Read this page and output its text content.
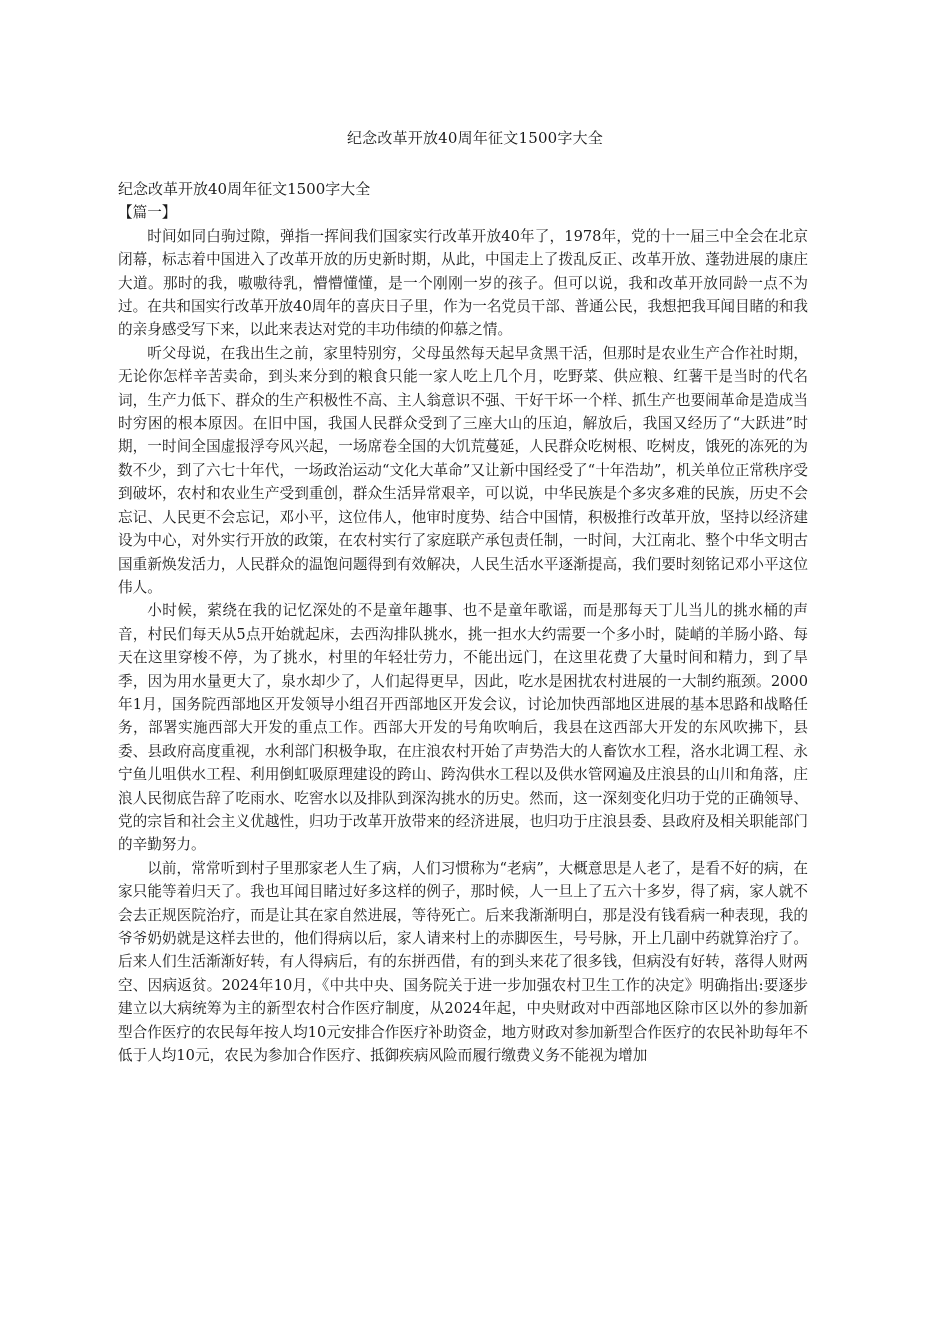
纪念改革开放40周年征文1500字大全

纪念改革开放40周年征文1500字大全

【篇一】

时间如同白驹过隙，弹指一挥间我们国家实行改革开放40年了，1978年，党的十一届三中全会在北京闭幕，标志着中国进入了改革开放的历史新时期，从此，中国走上了拨乱反正、改革开放、蓬勃进展的康庄大道。那时的我，嗷嗷待乳，懵懵懂懂，是一个刚刚一岁的孩子。但可以说，我和改革开放同龄一点不为过。在共和国实行改革开放40周年的喜庆日子里，作为一名党员干部、普通公民，我想把我耳闻目睹的和我的亲身感受写下来，以此来表达对党的丰功伟绩的仰慕之情。

听父母说，在我出生之前，家里特别穷，父母虽然每天起早贪黑干活，但那时是农业生产合作社时期，无论你怎样辛苦卖命，到头来分到的粮食只能一家人吃上几个月，吃野菜、供应粮、红薯干是当时的代名词，生产力低下、群众的生产积极性不高、主人翁意识不强、干好干坏一个样、抓生产也要闹革命是造成当时穷困的根本原因。在旧中国，我国人民群众受到了三座大山的压迫，解放后，我国又经历了“大跃进”时期，一时间全国虚报浮夸风兴起，一场席卷全国的大饥荒蔓延，人民群众吃树根、吃树皮，饿死的冻死的为数不少，到了六七十年代，一场政治运动“文化大革命”又让新中国经受了“十年浩劫”，机关单位正常秩序受到破坏，农村和农业生产受到重创，群众生活异常艰辛，可以说，中华民族是个多灾多难的民族，历史不会忘记、人民更不会忘记，邓小平，这位伟人，他审时度势、结合中国情，积极推行改革开放，坚持以经济建设为中心，对外实行开放的政策，在农村实行了家庭联产承包责任制，一时间，大江南北、整个中华文明古国重新焕发活力，人民群众的温饱问题得到有效解决，人民生活水平逐渐提高，我们要时刻铭记邓小平这位伟人。

小时候，萦绕在我的记忆深处的不是童年趣事、也不是童年歌谣，而是那每天丁儿当儿的挑水桶的声音，村民们每天从5点开始就起床，去西沟排队挑水，挑一担水大约需要一个多小时，陡峭的羊肠小路、每天在这里穿梭不停，为了挑水，村里的年轻壮劳力，不能出远门，在这里花费了大量时间和精力，到了旱季，因为用水量更大了，泉水却少了，人们起得更早，因此，吃水是困扰农村进展的一大制约瓶颈。2000年1月，国务院西部地区开发领导小组召开西部地区开发会议，讨论加快西部地区进展的基本思路和战略任务，部署实施西部大开发的重点工作。西部大开发的号角吹响后，我县在这西部大开发的东风吹拂下，县委、县政府高度重视，水利部门积极争取，在庄浪农村开始了声势浩大的人畜饮水工程，洛水北调工程、永宁鱼儿咀供水工程、利用倒虹吸原理建设的跨山、跨沟供水工程以及供水管网遍及庄浪县的山川和角落，庄浪人民彻底告辞了吃雨水、吃窖水以及排队到深沟挑水的历史。然而，这一深刻变化归功于党的正确领导、党的宗旨和社会主义优越性，归功于改革开放带来的经济进展，也归功于庄浪县委、县政府及相关职能部门的辛勤努力。

以前，常常听到村子里那家老人生了病，人们习惯称为“老病”，大概意思是人老了，是看不好的病，在家只能等着归天了。我也耳闻目睹过好多这样的例子，那时候，人一旦上了五六十多岁，得了病，家人就不会去正规医院治疗，而是让其在家自然进展，等待死亡。后来我渐渐明白，那是没有钱看病一种表现，我的爷爷奶奶就是这样去世的，他们得病以后，家人请来村上的赤脚医生，号号脉，开上几副中药就算治疗了。后来人们生活渐渐好转，有人得病后，有的东拼西借，有的到头来花了很多钱，但病没有好转，落得人财两空、因病返贫。2024年10月，《中共中央、国务院关于进一步加强农村卫生工作的决定》明确指出:要逐步建立以大病统筹为主的新型农村合作医疗制度，从2024年起，中央财政对中西部地区除市区以外的参加新型合作医疗的农民每年按人均10元安排合作医疗补助资金，地方财政对参加新型合作医疗的农民补助每年不低于人均10元，农民为参加合作医疗、抵御疾病风险而履行缴费义务不能视为增加
